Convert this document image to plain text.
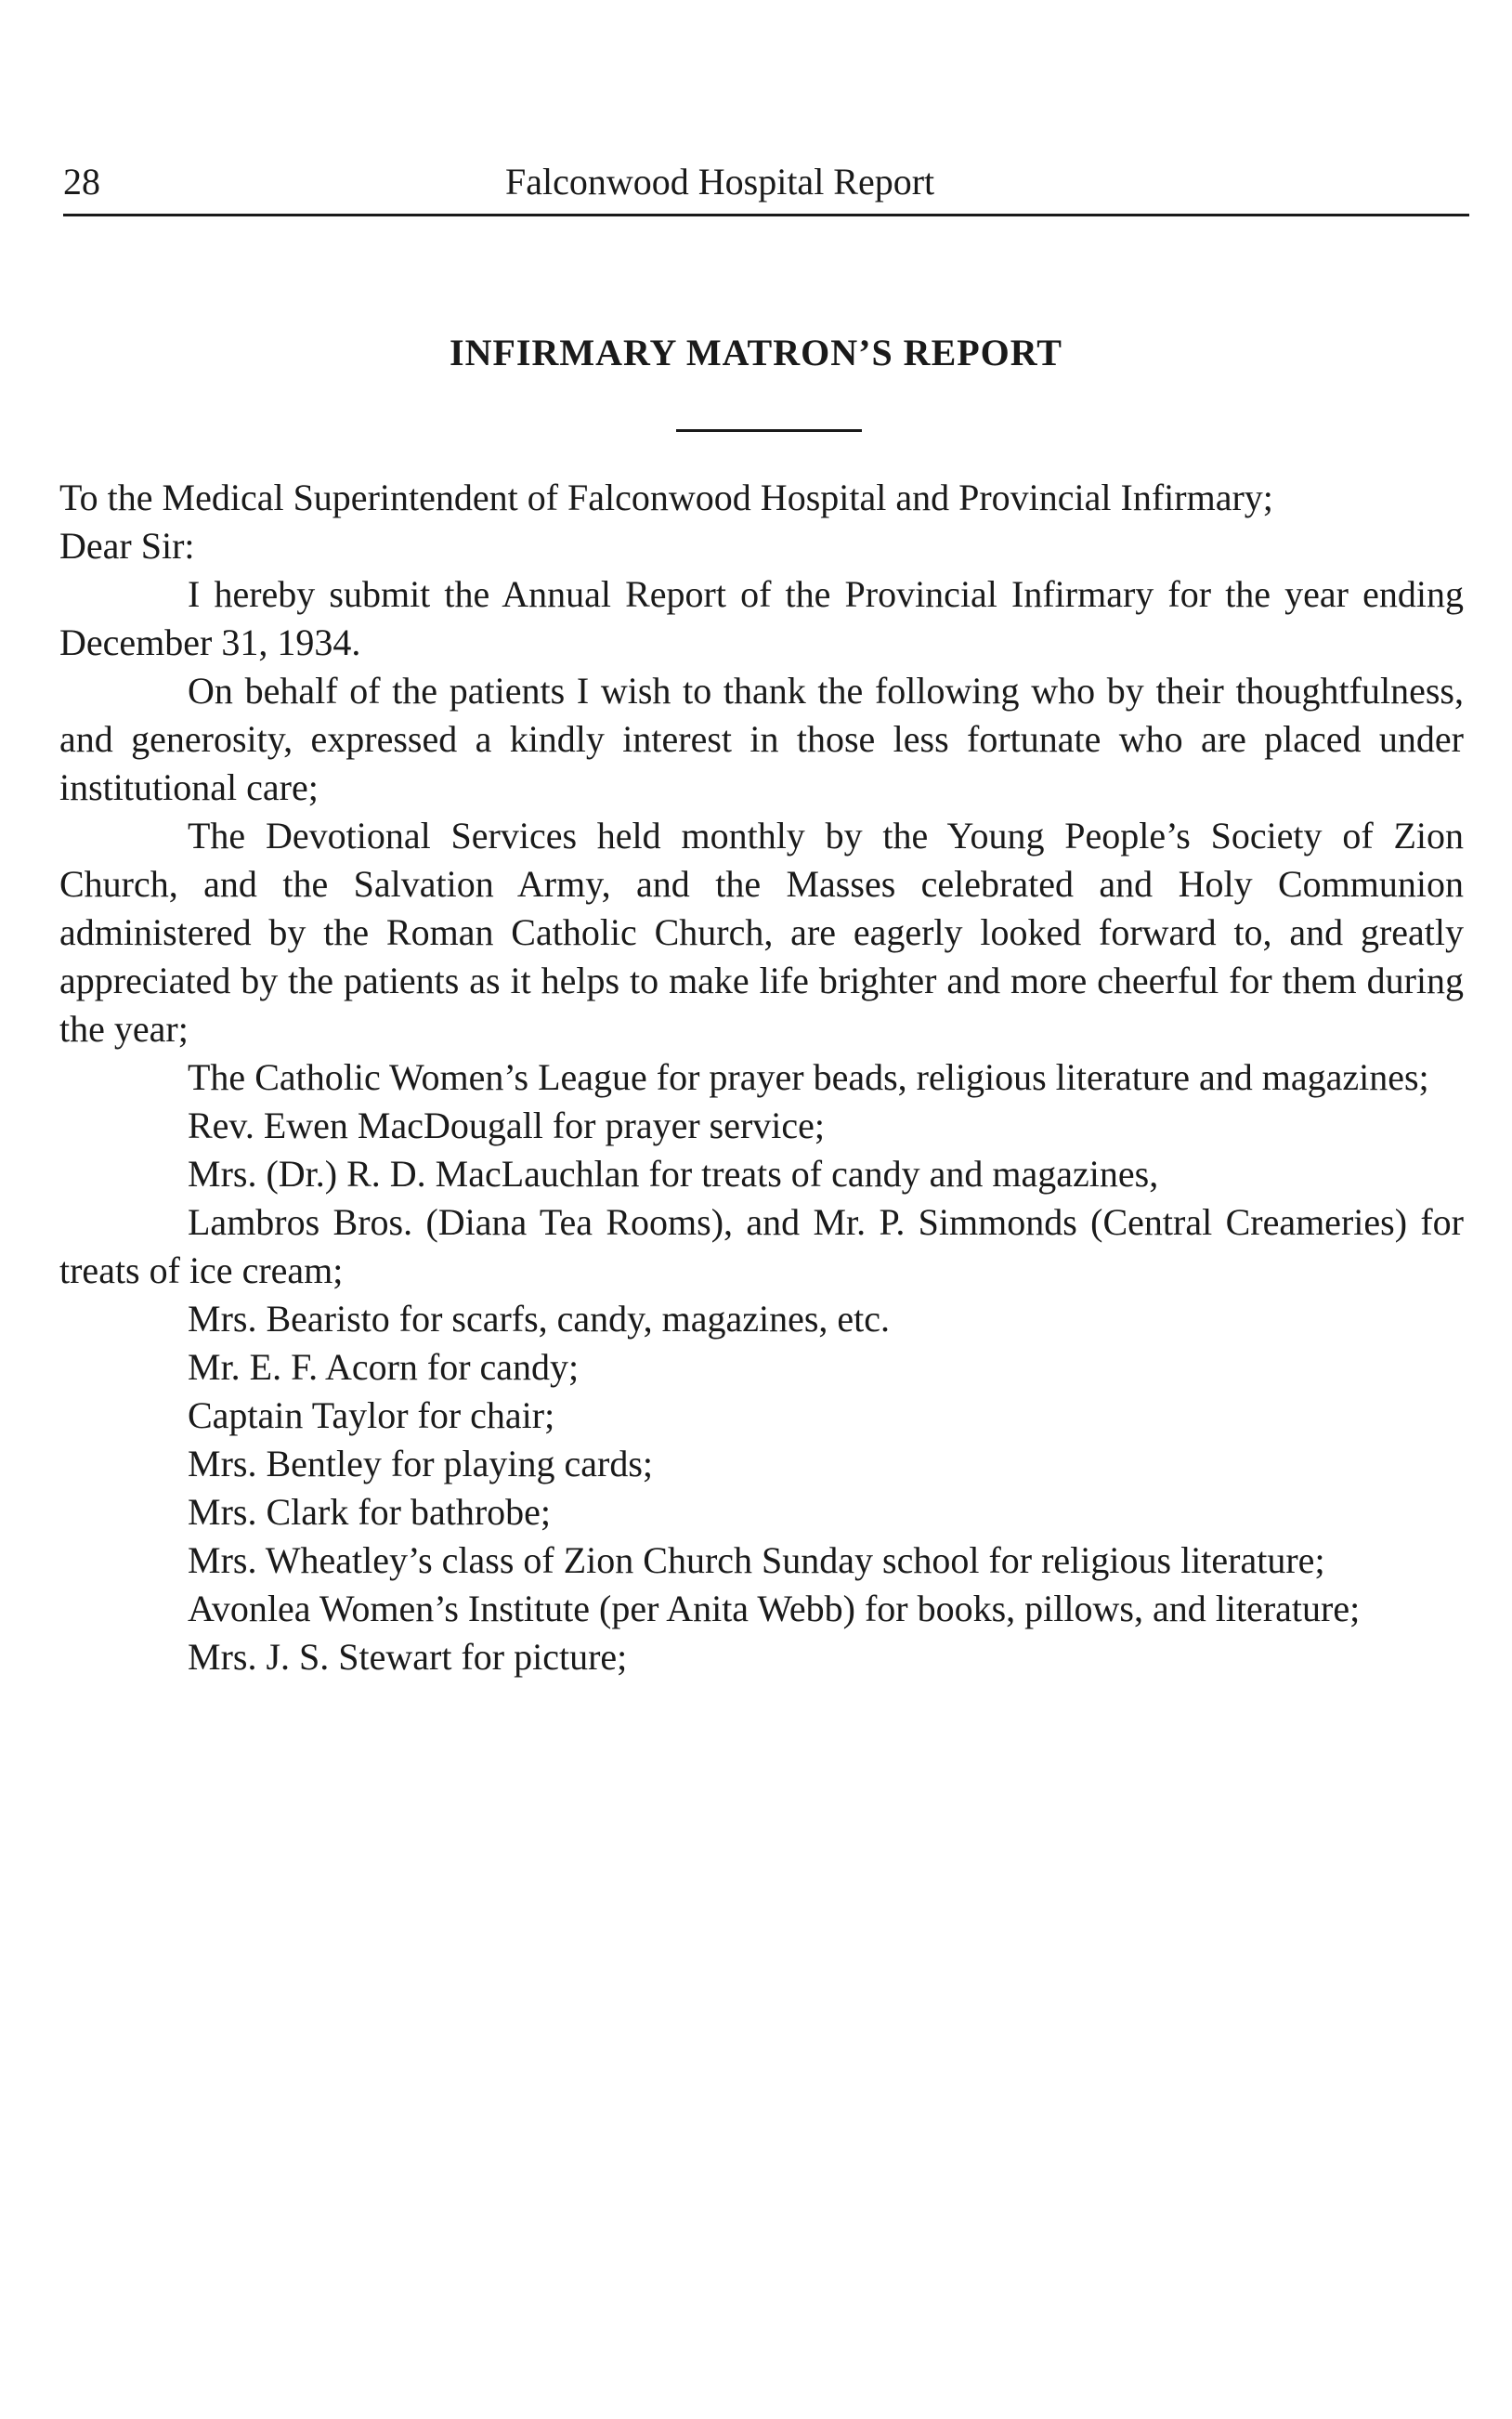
28	Falconwood Hospital Report
INFIRMARY MATRON’S REPORT

To the Medical Superintendent of Falconwood Hospital and Provincial Infirmary;

Dear Sir:

I hereby submit the Annual Report of the Provincial Infirmary for the year ending December 31, 1934.

On behalf of the patients I wish to thank the following who by their thoughtfulness, and generosity, expressed a kindly interest in those less fortunate who are placed under institutional care;

The Devotional Services held monthly by the Young People’s Society of Zion Church, and the Salvation Army, and the Masses celebrated and Holy Communion administered by the Roman Catholic Church, are eagerly looked forward to, and greatly appreciated by the patients as it helps to make life brighter and more cheerful for them during the year;

The Catholic Women’s League for prayer beads, religious literature and magazines;

Rev. Ewen MacDougall for prayer service;

Mrs. (Dr.) R. D. MacLauchlan for treats of candy and magazines,

Lambros Bros. (Diana Tea Rooms), and Mr. P. Simmonds (Central Creameries) for treats of ice cream;

Mrs. Bearisto for scarfs, candy, magazines, etc.

Mr. E. F. Acorn for candy;

Captain Taylor for chair;

Mrs. Bentley for playing cards;

Mrs. Clark for bathrobe;

Mrs. Wheatley’s class of Zion Church Sunday school for religious literature;

Avonlea Women’s Institute (per Anita Webb) for books, pillows, and literature;

Mrs. J. S. Stewart for picture;
